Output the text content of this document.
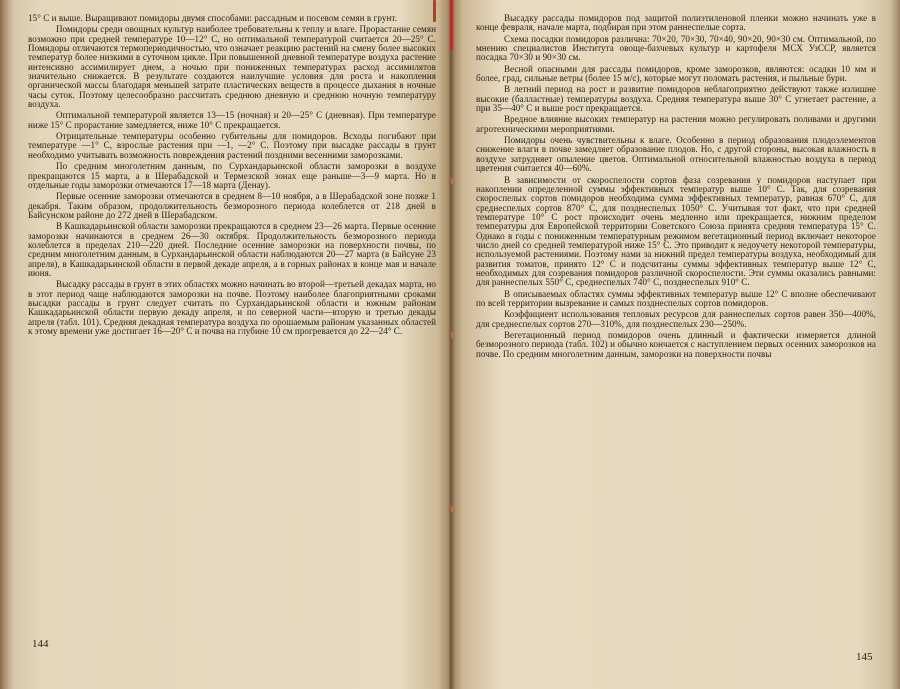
15° С и выше. Выращивают помидоры двумя способами: рассадным и посевом семян в грунт.

Помидоры среди овощных культур наиболее требовательны к теплу и влаге. Прорастание семян возможно при средней температуре 10—12° С, но оптимальной температурой считается 20—25° С. Помидоры отличаются термопериодичностью, что означает реакцию растений на смену более высоких температур более низкими в суточном цикле. При повышенной дневной температуре воздуха растение интенсивно ассимилирует днем, а ночью при пониженных температурах расход ассимилятов значительно снижается. В результате создаются наилучшие условия для роста и накопления органической массы благодаря меньшей затрате пластических веществ в процессе дыхания в ночные часы суток. Поэтому целесообразно рассчитать среднюю дневную и среднюю ночную температуру воздуха.

Оптимальной температурой является 13—15 (ночная) и 20—25° С (дневная). При температуре ниже 15° С прорастание замедляется, ниже 10° С прекращается.

Отрицательные температуры особенно губительны для помидоров. Всходы погибают при температуре —1° С, взрослые растения при —1, —2° С. Поэтому при высадке рассады в грунт необходимо учитывать возможность повреждения растений поздними весенними заморозками.

По средним многолетним данным, по Сурхандарьинской области заморозки в воздухе прекращаются 15 марта, а в Шерабадской и Термезской зонах еще раньше—3—9 марта. Но в отдельные годы заморозки отмечаются 17—18 марта (Денау).

Первые осенние заморозки отмечаются в среднем 8—10 ноября, а в Шерабадской зоне позже 1 декабря. Таким образом, продолжительность безморозного периода колеблется от 218 дней в Байсунском районе до 272 дней в Шерабадском.

В Кашкадарьинской области заморозки прекращаются в среднем 23—26 марта. Первые осенние заморозки начинаются в среднем 26—30 октября. Продолжительность безморозного периода колеблется в пределах 210—220 дней. Последние осенние заморозки на поверхности почвы, по средним многолетним данным, в Сурхандарьинской области наблюдаются 20—27 марта (в Байсуне 23 апреля), в Кашкадарьинской области в первой декаде апреля, а в горных районах в конце мая и начале июня.

Высадку рассады в грунт в этих областях можно начинать во второй—третьей декадах марта, но в этот период чаще наблюдаются заморозки на почве. Поэтому наиболее благоприятными сроками высадки рассады в грунт следует считать по Сурхандарьинской области и южным районам Кашкадарьинской области первую декаду апреля, и по северной части—вторую и третью декады апреля (табл. 101). Средняя декадная температура воздуха по орошаемым районам указанных областей к этому времени уже достигает 16—20° С и почва на глубине 10 см прогревается до 22—24° С.

144

Высадку рассады помидоров под защитой полиэтиленовой пленки можно начинать уже в конце февраля, начале марта, подбирая при этом раннеспелые сорта.

Схема посадки помидоров различна: 70×20, 70×30, 70×40, 90×20, 90×30 см. Оптимальной, по мнению специалистов Института овоще-бахчевых культур и картофеля МСХ УзССР, является посадка 70×30 и 90×30 см.

Весной опасными для рассады помидоров, кроме заморозков, являются: осадки 10 мм и более, град, сильные ветры (более 15 м/с), которые могут поломать растения, и пыльные бури.

В летний период на рост и развитие помидоров неблагоприятно действуют также излишне высокие (балластные) температуры воздуха. Средняя температура выше 30° С угнетает растение, а при 35—40° С и выше рост прекращается.

Вредное влияние высоких температур на растения можно регулировать поливами и другими агротехническими мероприятиями.

Помидоры очень чувствительны к влаге. Особенно в период образования плодоэлементов снижение влаги в почве замедляет образование плодов. Но, с другой стороны, высокая влажность в воздухе затрудняет опыление цветов. Оптимальной относительной влажностью воздуха в период цветения считается 40—60%.

В зависимости от скороспелости сортов фаза созревания у помидоров наступает при накоплении определенной суммы эффективных температур выше 10° С. Так, для созревания скороспелых сортов помидоров необходима сумма эффективных температур, равная 670° С, для среднеспелых сортов 870° С, для позднеспелых 1050° С. Учитывая тот факт, что при средней температуре 10° С рост происходит очень медленно или прекращается, нижним пределом температуры для Европейской территории Советского Союза принята средняя температура 15° С. Однако в годы с пониженным температурным режимом вегетационный период включает некоторое число дней со средней температурой ниже 15° С. Это приводит к недоучету некоторой температуры, используемой растениями. Поэтому нами за нижний предел температуры воздуха, необходимый для развития томатов, принято 12° С и подсчитаны суммы эффективных температур выше 12° С, необходимых для созревания помидоров различной скороспелости. Эти суммы оказались равными: для раннеспелых 550° С, среднеспелых 740° С, позднеспелых 910° С.

В описываемых областях суммы эффективных температур выше 12° С вполне обеспечивают по всей территории вызревание и самых позднеспелых сортов помидоров.

Коэффициент использования тепловых ресурсов для раннеспелых сортов равен 350—400%, для среднеспелых сортов 270—310%, для позднеспелых 230—250%.

Вегетационный период помидоров очень длинный и фактически измеряется длиной безморозного периода (табл. 102) и обычно кончается с наступлением первых осенних заморозков на почве. По средним многолетним данным, заморозки на поверхности почвы

145
